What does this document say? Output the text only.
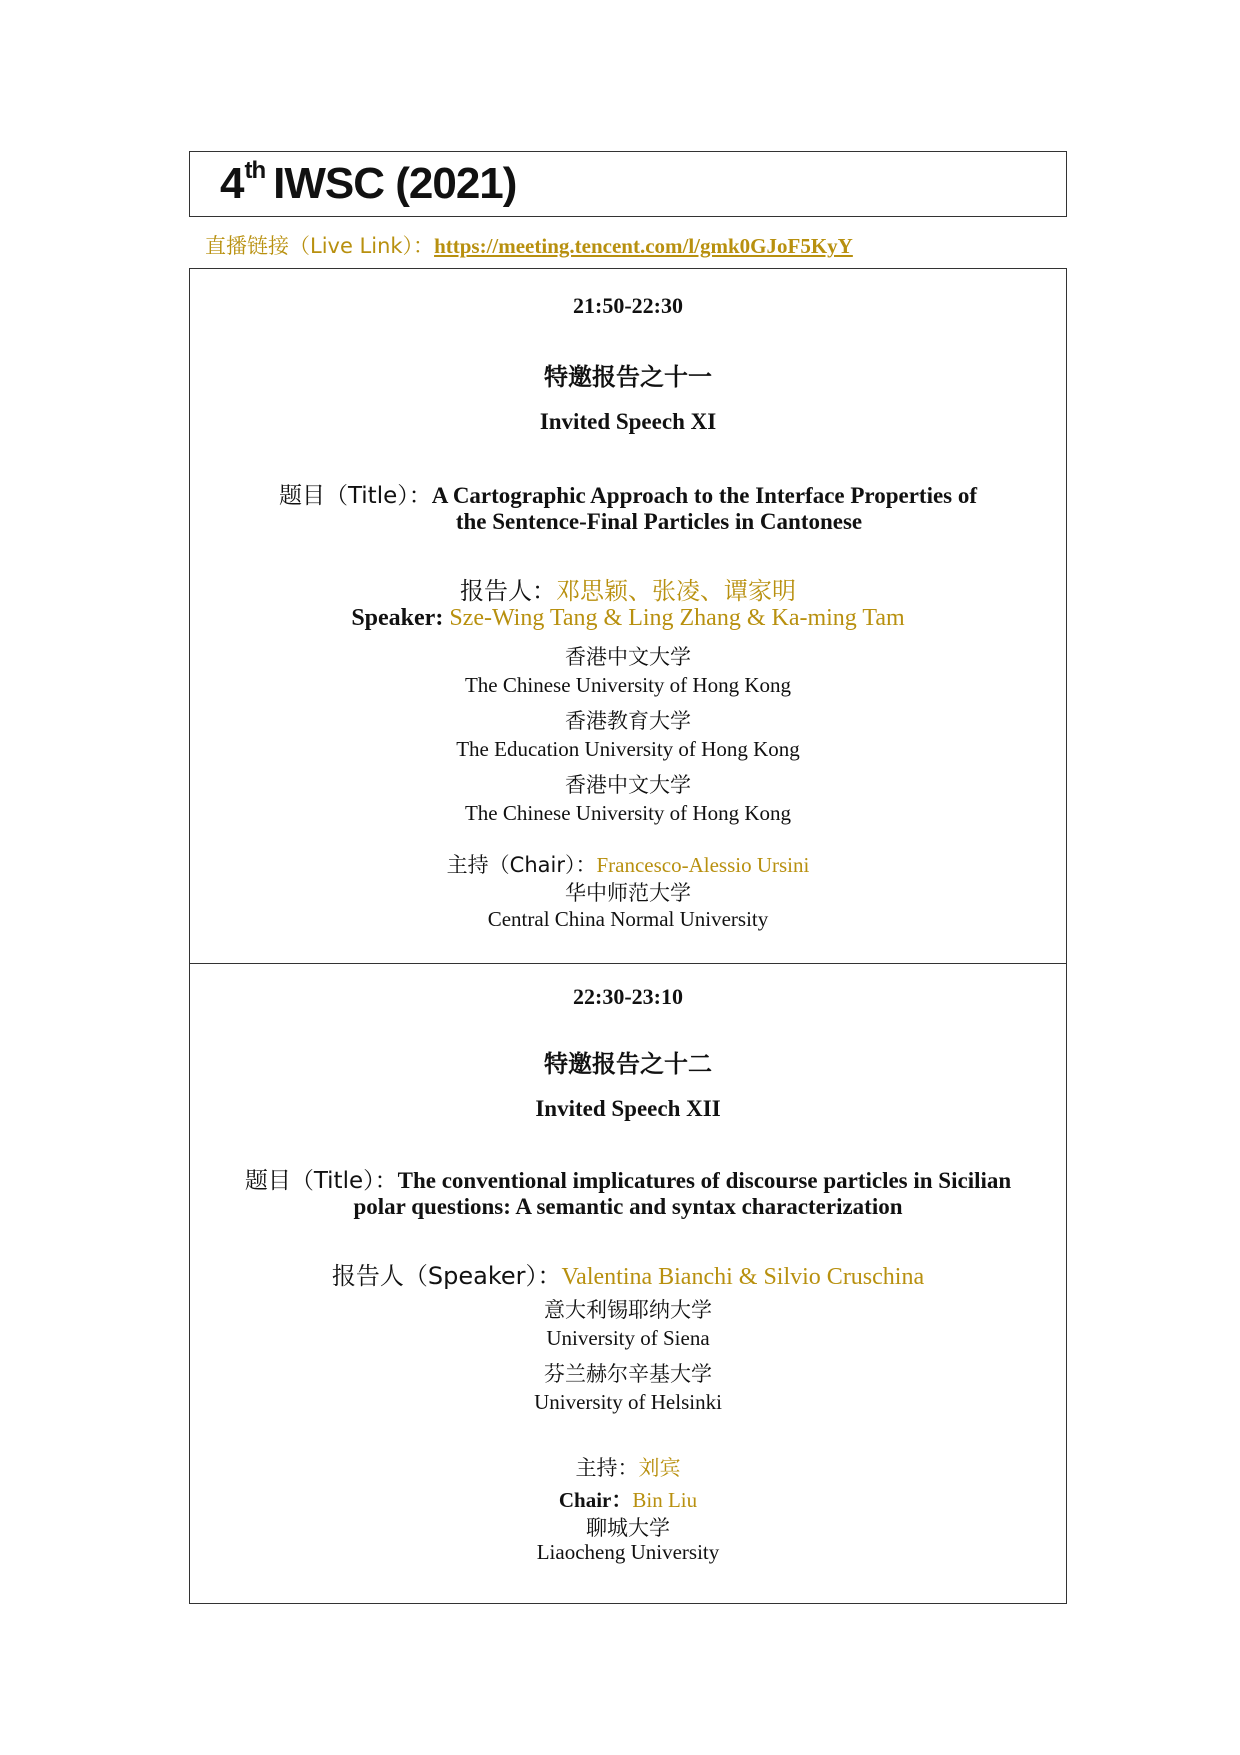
4th IWSC (2021)
直播链接（Live Link）：https://meeting.tencent.com/l/gmk0GJoF5KyY
21:50-22:30
特邀报告之十一
Invited Speech XI
题目（Title）：A Cartographic Approach to the Interface Properties of
the Sentence-Final Particles in Cantonese
报告人：邓思颖、张凌、谭家明
Speaker: Sze-Wing Tang & Ling Zhang & Ka-ming Tam
香港中文大学
The Chinese University of Hong Kong
香港教育大学
The Education University of Hong Kong
香港中文大学
The Chinese University of Hong Kong
主持（Chair）：Francesco-Alessio Ursini
华中师范大学
Central China Normal University
22:30-23:10
特邀报告之十二
Invited Speech XII
题目（Title）：The conventional implicatures of discourse particles in Sicilian
polar questions: A semantic and syntax characterization
报告人（Speaker）：Valentina Bianchi & Silvio Cruschina
意大利锡耶纳大学
University of Siena
芬兰赫尔辛基大学
University of Helsinki
主持：刘宾
Chair：Bin Liu
聊城大学
Liaocheng University
